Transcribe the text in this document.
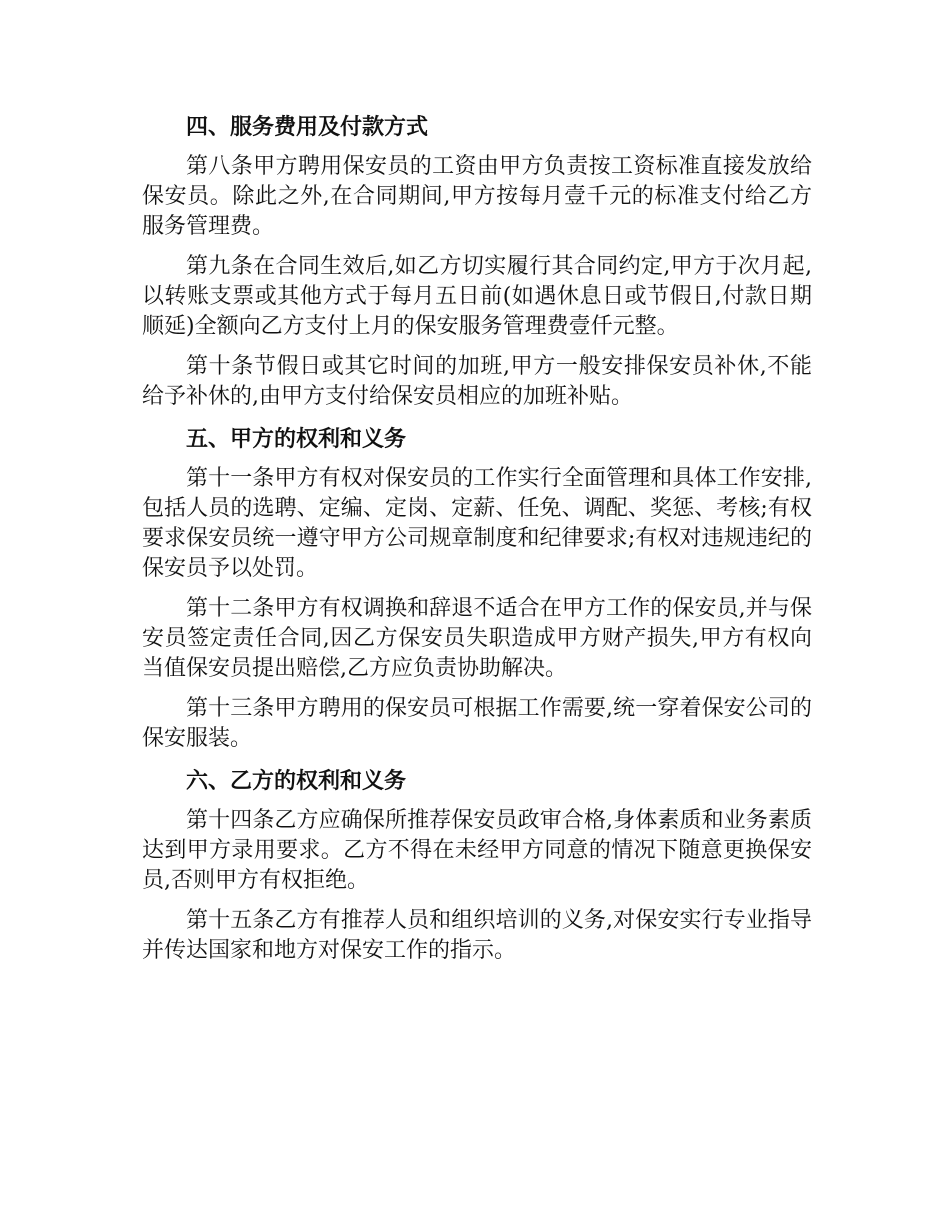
四、服务费用及付款方式

第八条甲方聘用保安员的工资由甲方负责按工资标准直接发放给保安员。除此之外,在合同期间,甲方按每月壹千元的标准支付给乙方服务管理费。

第九条在合同生效后,如乙方切实履行其合同约定,甲方于次月起,以转账支票或其他方式于每月五日前(如遇休息日或节假日,付款日期顺延)全额向乙方支付上月的保安服务管理费壹仟元整。

第十条节假日或其它时间的加班,甲方一般安排保安员补休,不能给予补休的,由甲方支付给保安员相应的加班补贴。

五、甲方的权利和义务

第十一条甲方有权对保安员的工作实行全面管理和具体工作安排,包括人员的选聘、定编、定岗、定薪、任免、调配、奖惩、考核;有权要求保安员统一遵守甲方公司规章制度和纪律要求;有权对违规违纪的保安员予以处罚。

第十二条甲方有权调换和辞退不适合在甲方工作的保安员,并与保安员签定责任合同,因乙方保安员失职造成甲方财产损失,甲方有权向当值保安员提出赔偿,乙方应负责协助解决。

第十三条甲方聘用的保安员可根据工作需要,统一穿着保安公司的保安服装。

六、乙方的权利和义务

第十四条乙方应确保所推荐保安员政审合格,身体素质和业务素质达到甲方录用要求。乙方不得在未经甲方同意的情况下随意更换保安员,否则甲方有权拒绝。

第十五条乙方有推荐人员和组织培训的义务,对保安实行专业指导并传达国家和地方对保安工作的指示。
